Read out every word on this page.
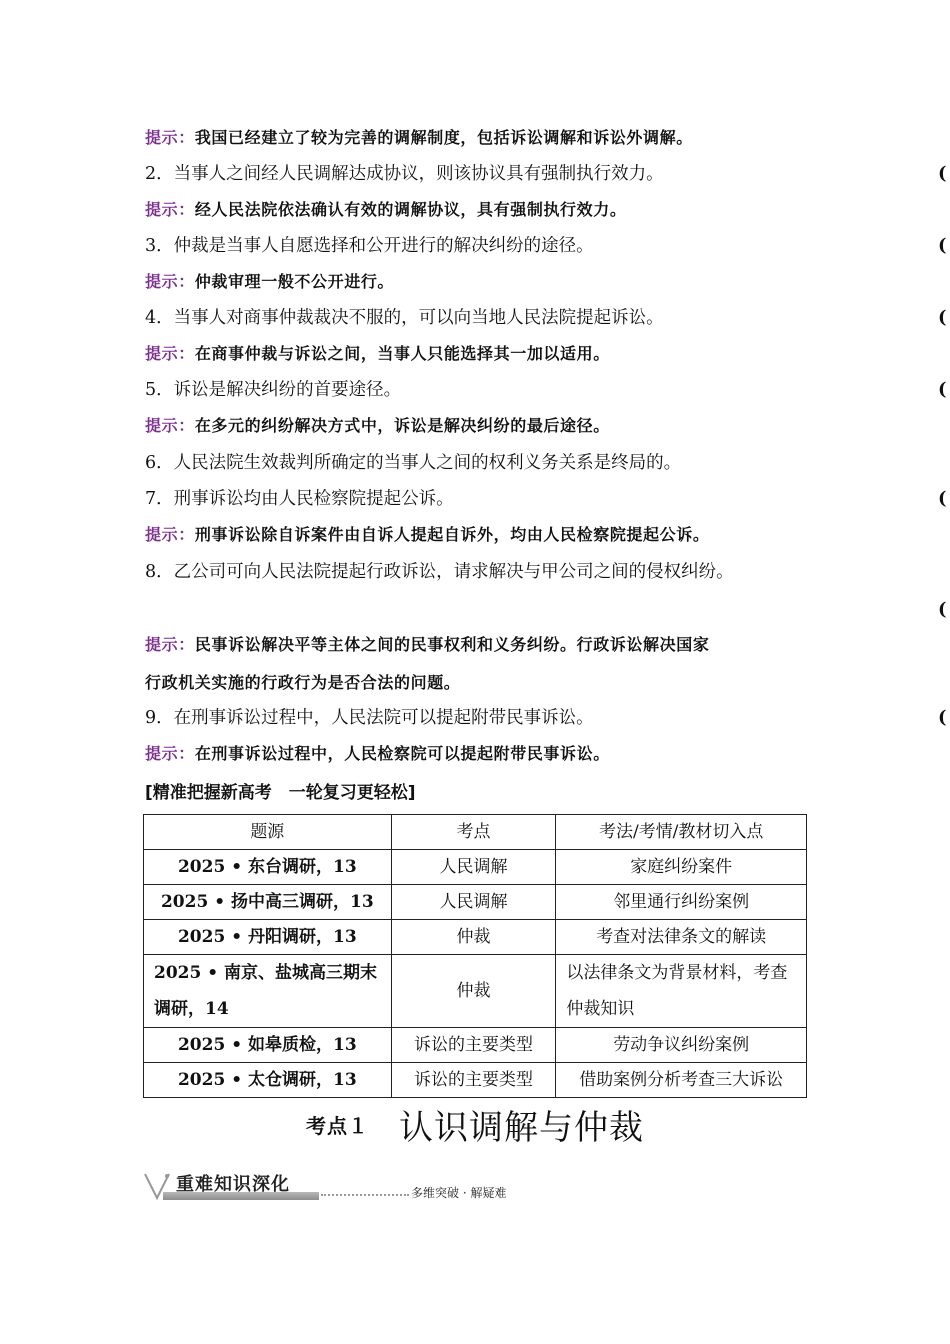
提示：我国已经建立了较为完善的调解制度，包括诉讼调解和诉讼外调解。
2．当事人之间经人民调解达成协议，则该协议具有强制执行效力。	(
提示：经人民法院依法确认有效的调解协议，具有强制执行效力。
3．仲裁是当事人自愿选择和公开进行的解决纠纷的途径。	(
提示：仲裁审理一般不公开进行。
4．当事人对商事仲裁裁决不服的，可以向当地人民法院提起诉讼。	(
提示：在商事仲裁与诉讼之间，当事人只能选择其一加以适用。
5．诉讼是解决纠纷的首要途径。	(
提示：在多元的纠纷解决方式中，诉讼是解决纠纷的最后途径。
6．人民法院生效裁判所确定的当事人之间的权利义务关系是终局的。
7．刑事诉讼均由人民检察院提起公诉。	(
提示：刑事诉讼除自诉案件由自诉人提起自诉外，均由人民检察院提起公诉。
8．乙公司可向人民法院提起行政诉讼，请求解决与甲公司之间的侵权纠纷。
(
提示：民事诉讼解决平等主体之间的民事权利和义务纠纷。行政诉讼解决国家
行政机关实施的行政行为是否合法的问题。
9．在刑事诉讼过程中，人民法院可以提起附带民事诉讼。	(
提示：在刑事诉讼过程中，人民检察院可以提起附带民事诉讼。
[精准把握新高考　一轮复习更轻松]
题源	考点	考法/考情/教材切入点
2025 • 东台调研，13	人民调解	家庭纠纷案件
2025 • 扬中高三调研，13	人民调解	邻里通行纠纷案例
2025 • 丹阳调研，13	仲裁	考查对法律条文的解读
2025 • 南京、盐城高三期末调研，14	仲裁	以法律条文为背景材料，考查仲裁知识
2025 • 如皋质检，13	诉讼的主要类型	劳动争议纠纷案例
2025 • 太仓调研，13	诉讼的主要类型	借助案例分析考查三大诉讼
考点１ 认识调解与仲裁
重难知识深化	多维突破 · 解疑难
